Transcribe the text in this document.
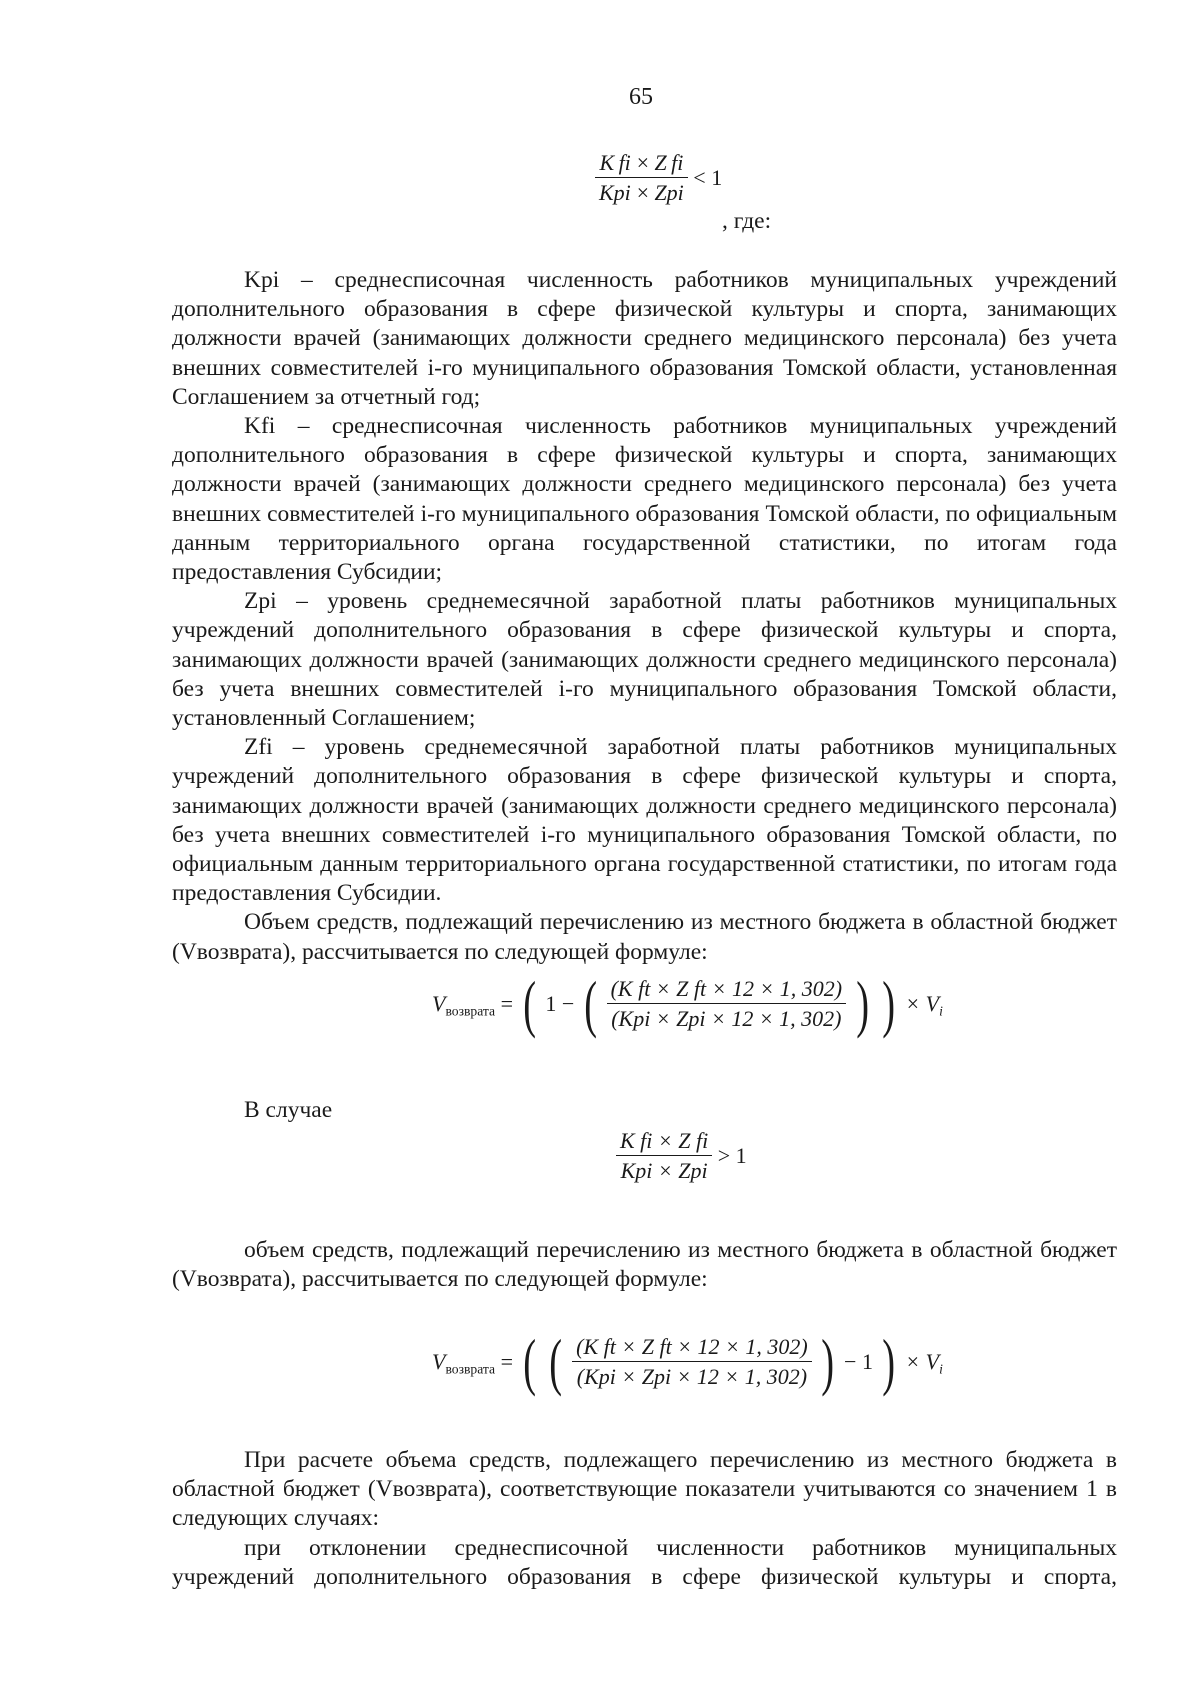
65
$\frac{\text{K fi × Z fi}}{\text{Kpi × Zpi}} < 1$
, где:

Kpi – среднесписочная численность работников муниципальных учреждений дополнительного образования в сфере физической культуры и спорта, занимающих должности врачей (занимающих должности среднего медицинского персонала) без учета внешних совместителей i-го муниципального образования Томской области, установленная Соглашением за отчетный год;

Kfi – среднесписочная численность работников муниципальных учреждений дополнительного образования в сфере физической культуры и спорта, занимающих должности врачей (занимающих должности среднего медицинского персонала) без учета внешних совместителей i-го муниципального образования Томской области, по официальным данным территориального органа государственной статистики, по итогам года предоставления Субсидии;

Zpi – уровень среднемесячной заработной платы работников муниципальных учреждений дополнительного образования в сфере физической культуры и спорта, занимающих должности врачей (занимающих должности среднего медицинского персонала) без учета внешних совместителей i-го муниципального образования Томской области, установленный Соглашением;

Zfi – уровень среднемесячной заработной платы работников муниципальных учреждений дополнительного образования в сфере физической культуры и спорта, занимающих должности врачей (занимающих должности среднего медицинского персонала) без учета внешних совместителей i-го муниципального образования Томской области, по официальным данным территориального органа государственной статистики, по итогам года предоставления Субсидии.

Объем средств, подлежащий перечислению из местного бюджета в областной бюджет (Vвозврата), рассчитывается по следующей формуле:

$V_{возврата}$ = ( 1 − ( $\frac{\text{(K ft × Z ft × 12 × 1, 302)}}{\text{(Kpi × Zpi × 12 × 1, 302)}}$ ) ) × $V_i$

В случае

$\frac{\text{K fi × Z fi}}{\text{Kpi × Zpi}} > 1$

объем средств, подлежащий перечислению из местного бюджета в областной бюджет (Vвозврата), рассчитывается по следующей формуле:

$V_{возврата}$ = ( ( $\frac{\text{(K ft × Z ft × 12 × 1, 302)}}{\text{(Kpi × Zpi × 12 × 1, 302)}}$ ) − 1 ) × $V_i$

При расчете объема средств, подлежащего перечислению из местного бюджета в областной бюджет (Vвозврата), соответствующие показатели учитываются со значением 1 в следующих случаях:

при отклонении среднесписочной численности работников муниципальных учреждений дополнительного образования в сфере физической культуры и спорта,
